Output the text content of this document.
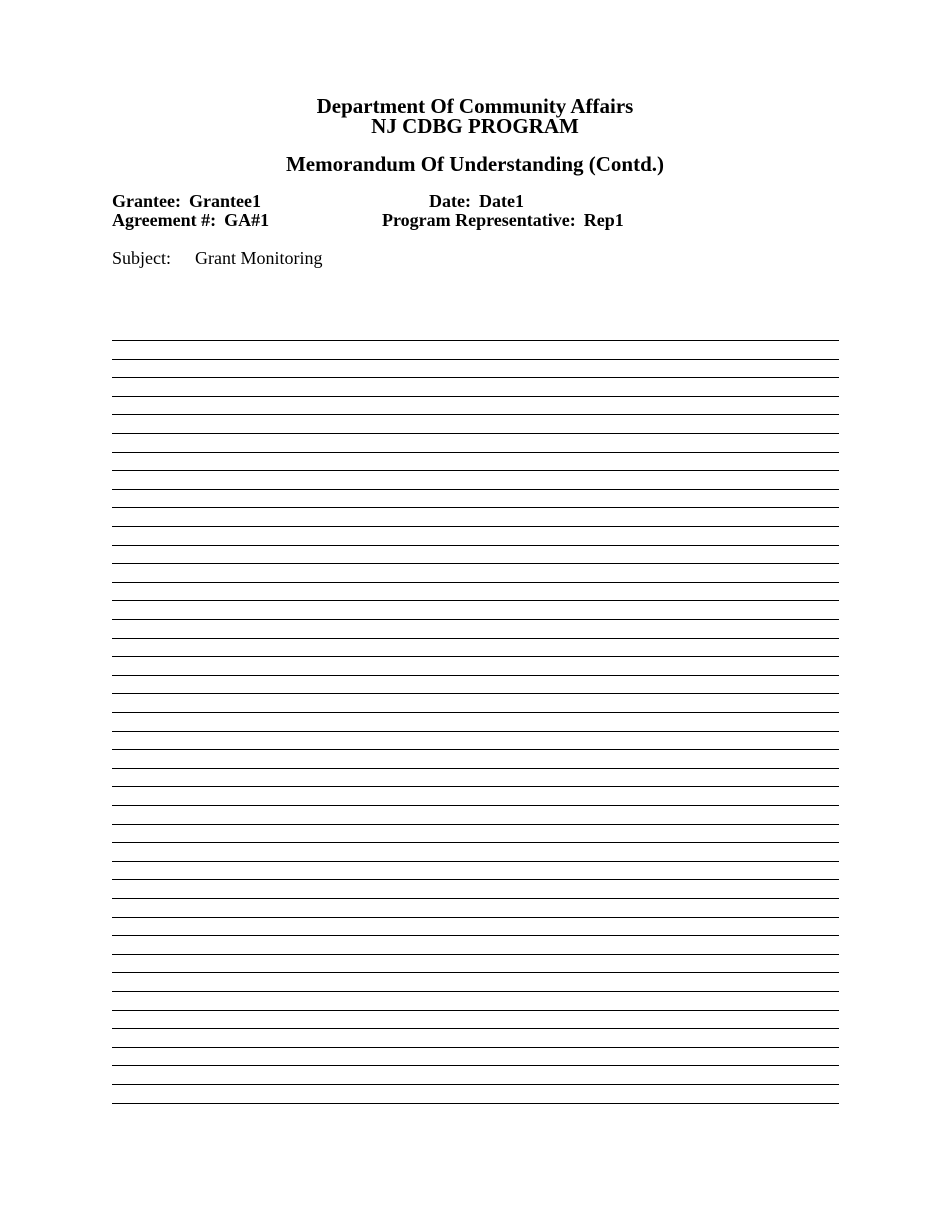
Department Of Community Affairs
NJ CDBG PROGRAM
Memorandum Of Understanding (Contd.)
Grantee: Grantee1
Agreement #: GA#1
Date: Date1
Program Representative: Rep1
Subject: Grant Monitoring
